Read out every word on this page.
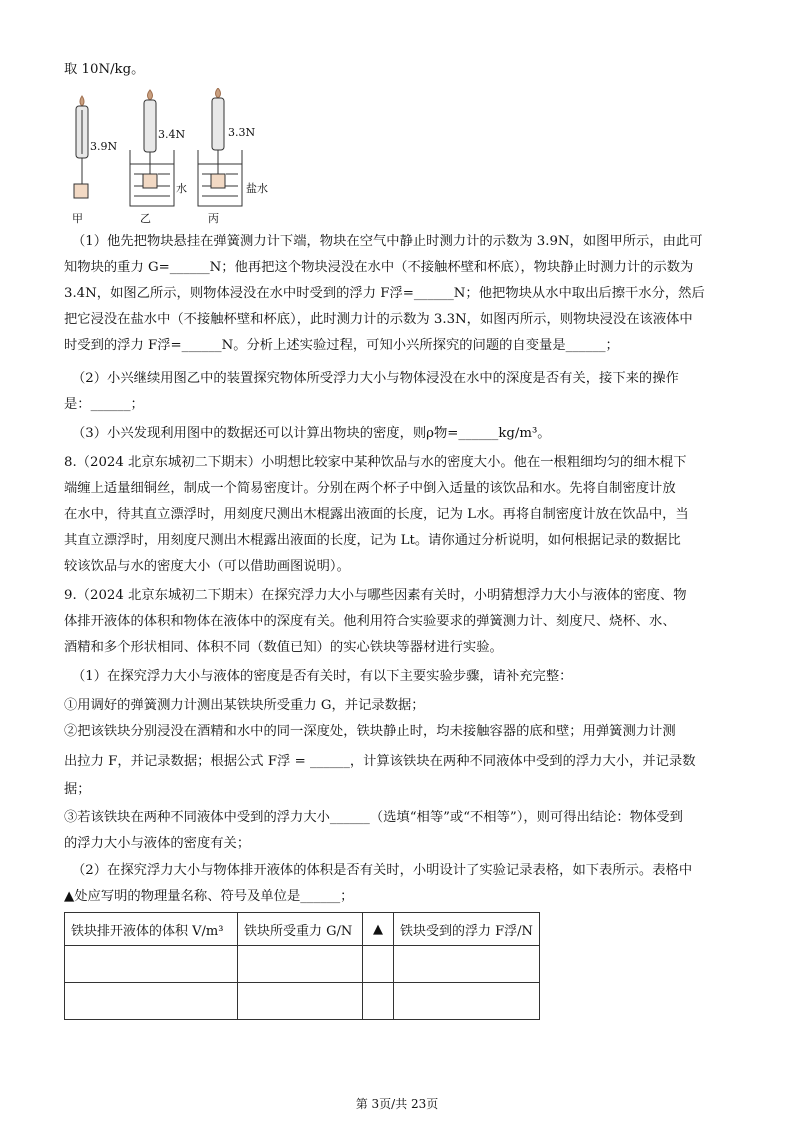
取 10N/kg。
3.9N
3.4N	3.3N
甲	乙	丙
水	盐水
（1）他先把物块悬挂在弹簧测力计下端，物块在空气中静止时测力计的示数为 3.9N，如图甲所示，由此可
知物块的重力 G=______N；他再把这个物块浸没在水中（不接触杯壁和杯底），物块静止时测力计的示数为
3.4N，如图乙所示，则物体浸没在水中时受到的浮力 F浮=______N；他把物块从水中取出后擦干水分，然后
把它浸没在盐水中（不接触杯壁和杯底），此时测力计的示数为 3.3N，如图丙所示，则物块浸没在该液体中
时受到的浮力 F浮=______N。分析上述实验过程，可知小兴所探究的问题的自变量是______；
（2）小兴继续用图乙中的装置探究物体所受浮力大小与物体浸没在水中的深度是否有关，接下来的操作
是：______；
（3）小兴发现利用图中的数据还可以计算出物块的密度，则ρ物=______kg/m³。
8.（2024 北京东城初二下期末）小明想比较家中某种饮品与水的密度大小。他在一根粗细均匀的细木棍下
端缠上适量细铜丝，制成一个简易密度计。分别在两个杯子中倒入适量的该饮品和水。先将自制密度计放
在水中，待其直立漂浮时，用刻度尺测出木棍露出液面的长度，记为 L水。再将自制密度计放在饮品中，当
其直立漂浮时，用刻度尺测出木棍露出液面的长度，记为 Lt。请你通过分析说明，如何根据记录的数据比
较该饮品与水的密度大小（可以借助画图说明）。
9.（2024 北京东城初二下期末）在探究浮力大小与哪些因素有关时，小明猜想浮力大小与液体的密度、物
体排开液体的体积和物体在液体中的深度有关。他利用符合实验要求的弹簧测力计、刻度尺、烧杯、水、
酒精和多个形状相同、体积不同（数值已知）的实心铁块等器材进行实验。
（1）在探究浮力大小与液体的密度是否有关时，有以下主要实验步骤，请补充完整：
①用调好的弹簧测力计测出某铁块所受重力 G，并记录数据；
②把该铁块分别浸没在酒精和水中的同一深度处，铁块静止时，均未接触容器的底和壁；用弹簧测力计测
出拉力 F，并记录数据；根据公式 F浮 = ______，计算该铁块在两种不同液体中受到的浮力大小，并记录数
据；
③若该铁块在两种不同液体中受到的浮力大小______（选填“相等”或“不相等”），则可得出结论：物体受到
的浮力大小与液体的密度有关；
（2）在探究浮力大小与物体排开液体的体积是否有关时，小明设计了实验记录表格，如下表所示。表格中
▲处应写明的物理量名称、符号及单位是______；
铁块排开液体的体积 V/m³	铁块所受重力 G/N	▲	铁块受到的浮力 F浮/N

第 3页/共 23页
